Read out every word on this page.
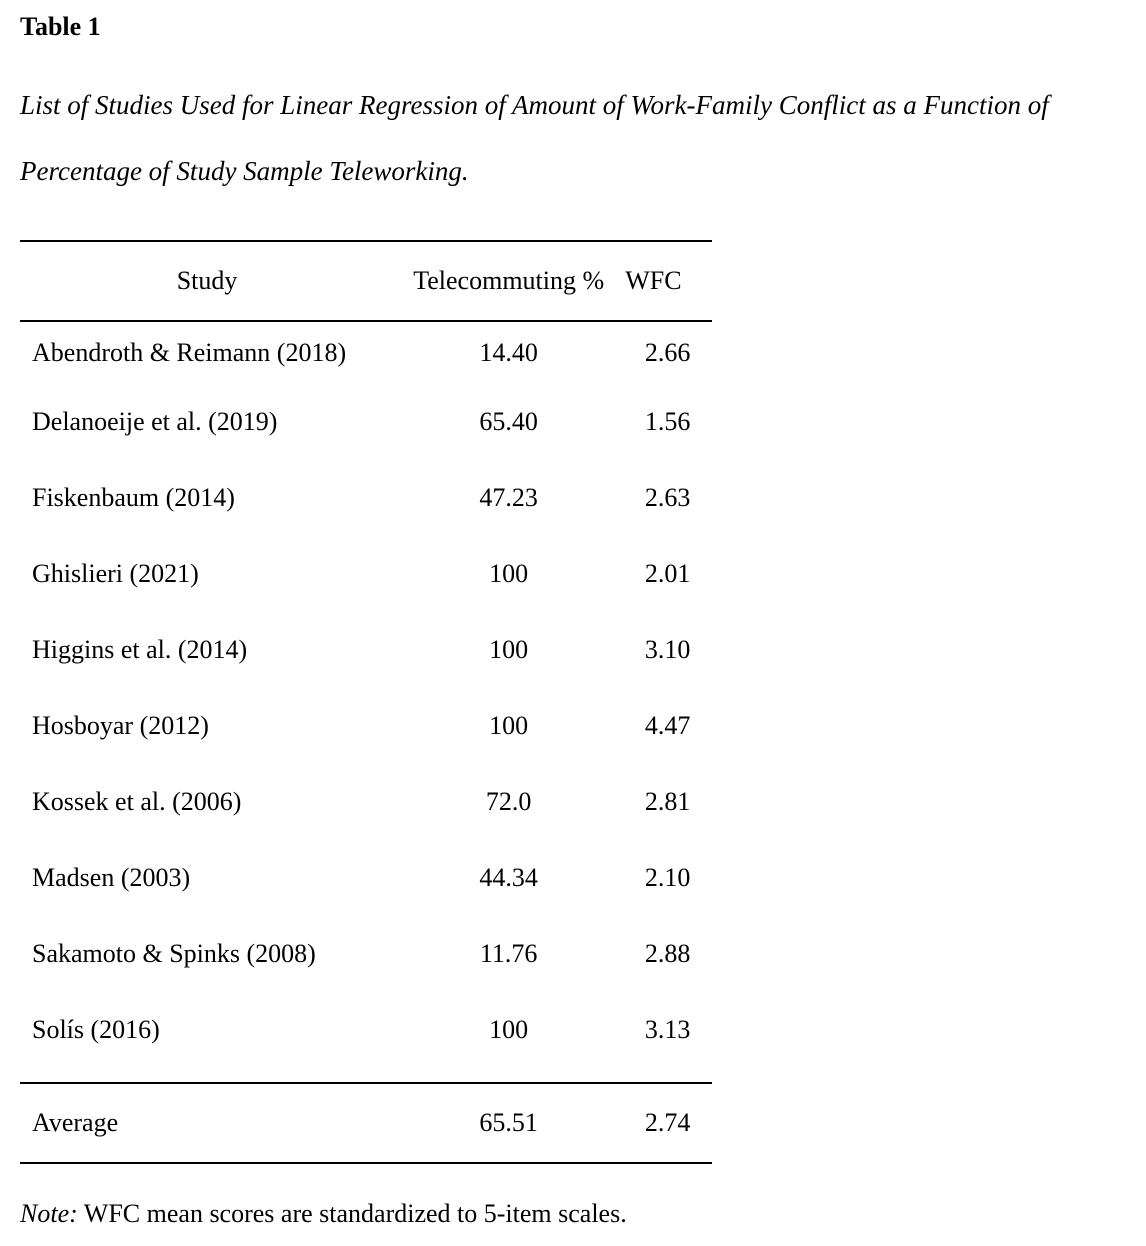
Table 1

List of Studies Used for Linear Regression of Amount of Work-Family Conflict as a Function of Percentage of Study Sample Teleworking.

Study	Telecommuting %	WFC
Abendroth & Reimann (2018)	14.40	2.66
Delanoeije et al. (2019)	65.40	1.56
Fiskenbaum (2014)	47.23	2.63
Ghislieri (2021)	100	2.01
Higgins et al. (2014)	100	3.10
Hosboyar (2012)	100	4.47
Kossek et al. (2006)	72.0	2.81
Madsen (2003)	44.34	2.10
Sakamoto & Spinks (2008)	11.76	2.88
Solís (2016)	100	3.13
Average	65.51	2.74

Note: WFC mean scores are standardized to 5-item scales.
